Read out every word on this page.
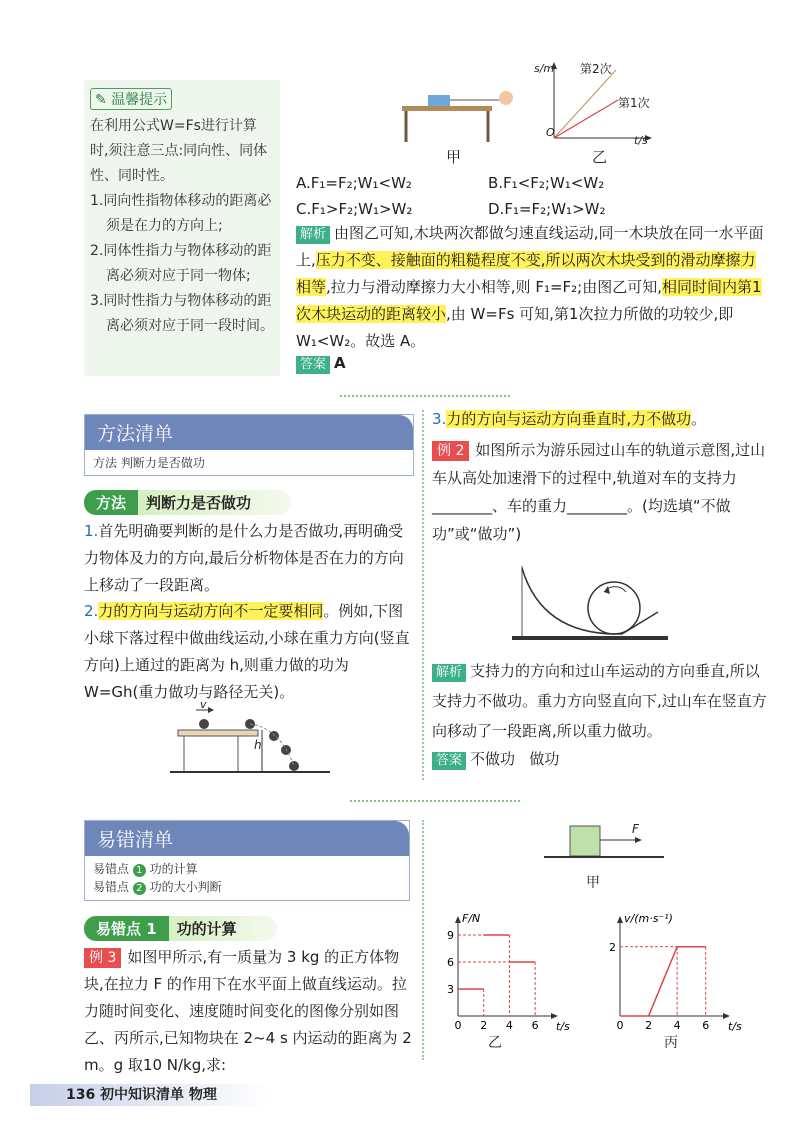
✎ 温馨提示
在利用公式W=Fs进行计算时,须注意三点:同向性、同体性、同时性。
1.同向性指物体移动的距离必须是在力的方向上;
2.同体性指力与物体移动的距离必须对应于同一物体;
3.同时性指力与物体移动的距离必须对应于同一段时间。
甲
s/m
t/s
O
第2次
第1次
乙
A.F₁=F₂;W₁<W₂	B.F₁<F₂;W₁<W₂
C.F₁>F₂;W₁>W₂	D.F₁=F₂;W₁>W₂
解析 由图乙可知,木块两次都做匀速直线运动,同一木块放在同一水平面上,压力不变、接触面的粗糙程度不变,所以两次木块受到的滑动摩擦力相等,拉力与滑动摩擦力大小相等,则 F₁=F₂;由图乙可知,相同时间内第1次木块运动的距离较小,由 W=Fs 可知,第1次拉力所做的功较少,即 W₁<W₂。故选 A。
答案 A
方法清单
方法 判断力是否做功
方法	判断力是否做功
1.首先明确要判断的是什么力是否做功,再明确受力物体及力的方向,最后分析物体是否在力的方向上移动了一段距离。
2.力的方向与运动方向不一定要相同。例如,下图小球下落过程中做曲线运动,小球在重力方向(竖直方向)上通过的距离为 h,则重力做的功为 W=Gh(重力做功与路径无关)。
v
h
3.力的方向与运动方向垂直时,力不做功。
例 2 如图所示为游乐园过山车的轨道示意图,过山车从高处加速滑下的过程中,轨道对车的支持力________、车的重力________。(均选填“不做功”或“做功”)
解析 支持力的方向和过山车运动的方向垂直,所以支持力不做功。重力方向竖直向下,过山车在竖直方向移动了一段距离,所以重力做功。
答案 不做功   做功
易错清单
易错点 1 功的计算
易错点 2 功的大小判断
易错点 1	功的计算
例 3 如图甲所示,有一质量为 3 kg 的正方体物块,在拉力 F 的作用下在水平面上做直线运动。拉力随时间变化、速度随时间变化的图像分别如图乙、丙所示,已知物块在 2~4 s 内运动的距离为 2 m。g 取10 N/kg,求:
F
甲
0 2 4 6
3
6
9
t/s
F/N
0 2 4 6
2
t/s
v/(m·s⁻¹)
乙	丙
136 初中知识清单 物理
